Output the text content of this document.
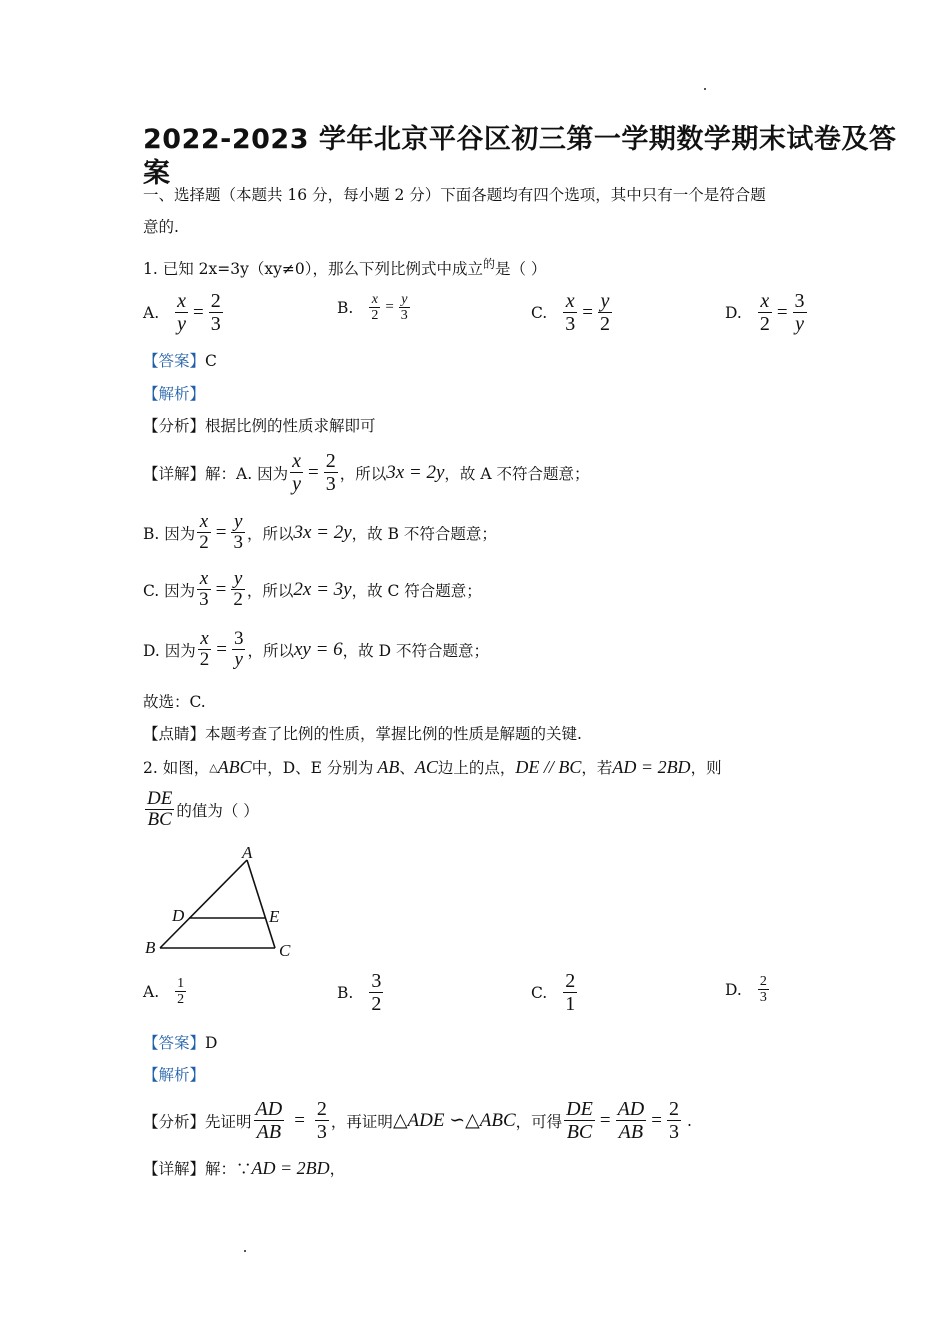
2022-2023 学年北京平谷区初三第一学期数学期末试卷及答
案
一、选择题（本题共 16 分，每小题 2 分）下面各题均有四个选项，其中只有一个是符合题
意的.
1. 已知 2x=3y（xy≠0），那么下列比例式中成立$^的$是（ ）
A. $\frac{x}{y} = \frac{2}{3}$	B. $\frac{x}{2} = \frac{y}{3}$	C. $\frac{x}{3} = \frac{y}{2}$	D. $\frac{x}{2} = \frac{3}{y}$
【答案】C
【解析】
【分析】根据比例的性质求解即可
【详解】 解：A. 因为 $\frac{x}{y} = \frac{2}{3}$ ，所以 3x = 2y ，故 A 不符合题意；
B. 因为 $\frac{x}{2} = \frac{y}{3}$ ，所以 3x = 2y ，故 B 不符合题意；
C. 因为 $\frac{x}{3} = \frac{y}{2}$ ，所以 2x = 3y ，故 C 符合题意；
D. 因为 $\frac{x}{2} = \frac{3}{y}$ ，所以 xy = 6 ，故 D 不符合题意；
故选：C.
【点睛】本题考查了比例的性质，掌握比例的性质是解题的关键.
2. 如图， △ ABC 中，D、E 分别为 AB 、 AC 边上的点， DE // BC ，若 AD = 2BD ，则
$\frac{DE}{BC}$ 的值为（ ）
A
B	C
D	E
A. $\frac{1}{2}$	B. $\frac{3}{2}$	C. $\frac{2}{1}$	D. $\frac{2}{3}$
【答案】D
【解析】
【分析】 先证明 $\frac{AD}{AB} = \frac{2}{3}$ ，再证明 △ADE ∽△ABC ，可得 $\frac{DE}{BC} = \frac{AD}{AB} = \frac{2}{3}$ .
【详解】 解：∵ AD = 2BD ，
